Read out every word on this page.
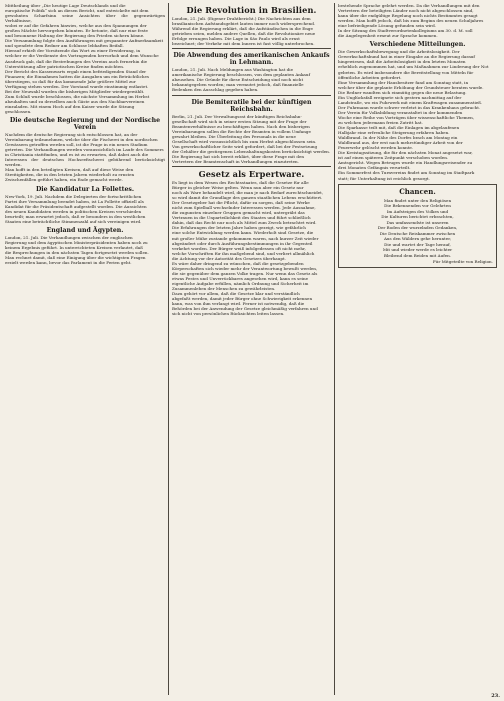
Mittheilung über „Die heutige Lage Deutschlands und die

europäische Politik“ sich an diesen Bericht, und entwickelte mit dem

gewohnten Scharfsinn seine Ansichten über die gegenwärtigen Verhältnisse,

wobei er auf die Gefahren hinwies, welche aus den Spannungen der

großen Mächte hervorgehen könnten. Er betonte, daß nur eine feste

und besonnene Haltung der Regierung den Frieden sichern könne.

Die Versammlung folgte den Ausführungen mit gespannter Aufmerksamkeit

und spendete dem Redner am Schlusse lebhaften Beifall.

Hierauf erhielt der Vorsitzende das Wort zu einer Erwiderung, in

welcher er die Verdienste des Vortragenden hervorhob und dem Wunsche

Ausdruck gab, daß die Bestrebungen des Vereins auch fernerhin die

Unterstützung aller patriotischen Kreise finden möchten.

Der Bericht des Kassenwarts ergab einen befriedigenden Stand der

Finanzen; die Einnahmen hatten die Ausgaben um ein Beträchtliches

überstiegen, so daß für das kommende Jahr größere Mittel zur

Verfügung stehen werden. Der Vorstand wurde einstimmig entlastet.

Bei der Neuwahl wurden die bisherigen Mitglieder wiedergewählt.

Zum Schluß wurde beschlossen, die nächste Versammlung im Herbst

abzuhalten und zu derselben auch Gäste aus den Nachbarvereinen

einzuladen. Mit einem Hoch auf den Kaiser wurde die Sitzung

geschlossen.

Die deutsche Regierung und der Nordische Verein

Nachdem die deutsche Regierung sich entschlossen hat, an der

Vereinbarung teilzunehmen, welche über die Fischerei in den nordischen

Gewässern getroffen werden soll, ist die Frage in ein neues Stadium

getreten. Die Verhandlungen werden voraussichtlich im Laufe des Sommers

in Christiania stattfinden, und es ist zu erwarten, daß dabei auch die

Interessen der deutschen Hochseefischerei gebührend berücksichtigt werden.

Man hofft in den beteiligten Kreisen, daß auf diese Weise den

Streitigkeiten, die in den letzten Jahren wiederholt zu ernsten

Zwischenfällen geführt haben, ein Ende gemacht werde.

Die Kandidatur La Follettes.

New-York, 19. Juli. Nachdem die Delegierten der fortschrittlichen

Partei ihre Versammlung beendet haben, ist La Follette offiziell als

Kandidat für die Präsidentschaft aufgestellt worden. Die Aussichten

des neuen Kandidaten werden in politischen Kreisen verschieden

beurteilt; man erwartet jedoch, daß er besonders in den westlichen

Staaten eine beträchtliche Stimmenzahl auf sich vereinigen wird.

England und Ägypten.

London, 21. Juli. Die Verhandlungen zwischen der englischen

Regierung und dem ägyptischen Ministerpräsidenten haben noch zu

keinem Ergebnis geführt. In unterrichteten Kreisen verlautet, daß

die Besprechungen in den nächsten Tagen fortgesetzt werden sollen.

Man rechnet damit, daß eine Einigung über die wichtigsten Fragen

erzielt werden kann, bevor das Parlament in die Ferien geht.

Die Revolution in Brasilien.

London, 21. Juli. (Eigener Drahtbericht.) Die Nachrichten aus dem

brasilianischen Aufstandsgebiet lauten immer noch widersprechend.

Während die Regierung erklärt, daß die Aufständischen in die Enge

getrieben seien, melden andere Quellen, daß die Revolutionäre neue

Erfolge errungen haben. Die Lage in São Paulo wird als ernst

bezeichnet; der Verkehr mit dem Innern ist fast völlig unterbrochen.

Die Abwendung des amerikanischen Ankaufs in Lehmann.

London, 21. Juli. Nach Meldungen aus Washington hat die

amerikanische Regierung beschlossen, von dem geplanten Ankauf

abzusehen. Die Gründe für diese Entscheidung sind noch nicht

bekanntgegeben worden; man vermutet jedoch, daß finanzielle

Bedenken den Ausschlag gegeben haben.

Die Bemiteratile bei der künftigen Reichsbahn.

Berlin, 21. Juli. Der Verwaltungsrat der künftigen Reichsbahn-

gesellschaft wird sich in seiner ersten Sitzung mit der Frage der

Beamtenverhältnisse zu beschäftigen haben. Nach den bisherigen

Vereinbarungen sollen die Rechte der Beamten in vollem Umfange

gewahrt bleiben. Die Überleitung des Personals in die neue

Gesellschaft wird voraussichtlich bis zum Herbst abgeschlossen sein.

Von gewerkschaftlicher Seite wird gefordert, daß bei der Festsetzung

der Gehälter die gestiegenen Lebenshaltungskosten berücksichtigt werden.

Die Regierung hat sich bereit erklärt, über diese Frage mit den

Vertretern der Beamtenschaft in Verhandlungen einzutreten.

Gesetz als Erpertware.

Es liegt in dem Wesen des Rechtsstaates, daß die Gesetze für alle

Bürger in gleicher Weise gelten. Wenn nun aber ein Gesetz nur

noch als Ware behandelt wird, die man je nach Bedarf zurechtschneidet,

so wird damit die Grundlage des ganzen staatlichen Lebens erschüttert.

Der Gesetzgeber hat die Pflicht, dafür zu sorgen, daß seine Werke

nicht zum Spielball wechselnder Interessen werden. Jede Ausnahme,

die zugunsten einzelner Gruppen gemacht wird, untergräbt das

Vertrauen in die Unparteilichkeit des Staates und führt schließlich

dahin, daß das Recht nur noch als Mittel zum Zweck betrachtet wird.

Die Erfahrungen der letzten Jahre haben gezeigt, wie gefährlich

eine solche Entwicklung werden kann. Wiederholt sind Gesetze, die

mit großer Mühe zustande gekommen waren, nach kurzer Zeit wieder

abgeändert oder durch Ausführungsbestimmungen in ihr Gegenteil

verkehrt worden. Der Bürger weiß infolgedessen oft nicht mehr,

welche Vorschriften für ihn maßgebend sind, und verliert allmählich

die Achtung vor der Autorität des Gesetzes überhaupt.

Es wäre daher dringend zu wünschen, daß die gesetzgebenden

Körperschaften sich wieder mehr der Verantwortung bewußt werden,

die sie gegenüber dem ganzen Volke tragen. Nur wenn das Gesetz als

etwas Festes und Unverrückbares angesehen wird, kann es seine

eigentliche Aufgabe erfüllen, nämlich Ordnung und Sicherheit im

Zusammenleben der Menschen zu gewährleisten.

Dazu gehört vor allem, daß die Gesetze klar und verständlich

abgefaßt werden, damit jeder Bürger ohne Schwierigkeit erkennen

kann, was von ihm verlangt wird. Ferner ist notwendig, daß die

Behörden bei der Anwendung der Gesetze gleichmäßig verfahren und

sich nicht von persönlichen Rücksichten leiten lassen.

bestehende Sprache gelehrt werden. Da die Verhandlungen mit den

Vertretern der beteiligten Länder noch nicht abgeschlossen sind,

kann über die endgültige Regelung noch nichts Bestimmtes gesagt

werden. Man hofft jedoch, daß bis zum Beginn des neuen Schuljahres

eine befriedigende Lösung gefunden sein wird.

In der Sitzung des Stadtverordnetenkollegiums am 30. d. M. soll

die Angelegenheit erneut zur Sprache kommen.

Verschiedene Mitteilungen.

Die Gewerkschaftsbewegung und die Arbeitslosigkeit. Der

Gewerkschaftsbund hat in einer Eingabe an die Regierung darauf

hingewiesen, daß die Arbeitslosigkeit in den letzten Monaten

erheblich zugenommen hat, und um Maßnahmen zur Linderung der Not

gebeten. Es wird insbesondere die Bereitstellung von Mitteln für

öffentliche Arbeiten gefordert.

Eine Versammlung der Hausbesitzer fand am Sonntag statt, in

welcher über die geplante Erhöhung der Grundsteuer beraten wurde.

Die Redner wandten sich einmütig gegen die neue Belastung.

Ein Unglücksfall ereignete sich gestern nachmittag auf der

Landstraße, wo ein Fuhrwerk mit einem Kraftwagen zusammenstieß.

Der Fuhrmann wurde schwer verletzt in das Krankenhaus gebracht.

Der Verein für Volksbildung veranstaltet in der kommenden

Woche eine Reihe von Vorträgen über wissenschaftliche Themen,

zu welchen jedermann freien Zutritt hat.

Die Sparkasse teilt mit, daß die Einlagen im abgelaufenen

Halbjahr eine erfreuliche Steigerung erfahren haben.

Waldbrand. In der Nähe des Dorfes brach am Montag ein

Waldbrand aus, der erst nach mehrstündiger Arbeit von der

Feuerwehr gelöscht werden konnte.

Die Kreistagssitzung, die für den nächsten Monat angesetzt war,

ist auf einen späteren Zeitpunkt verschoben worden.

Amtsgericht. Wegen Betruges wurde ein Handlungsreisender zu

drei Monaten Gefängnis verurteilt.

Ein Sommerfest des Turnvereins findet am Sonntag im Stadtpark

statt; für Unterhaltung ist reichlich gesorgt.

Chancen.
Man findet unter den Religiösen
Die Bekennenden vor Gelehrten
Im Aufsteigen des Volkes und
Die Kulturen berichtet erbrachten,
Das umfassendste ist unseren
Der Boden der wurzelnden Gedanken,
Die Deutsche Reiskammer zwischen
Aus den Wäldern gehe herunter,
Die und wartet der Tage herauf,
Mit und wieder werde es leichter
Bleibend dem Beiden mit Aufen.
Für Mitgeteilte von Religion.
23.
